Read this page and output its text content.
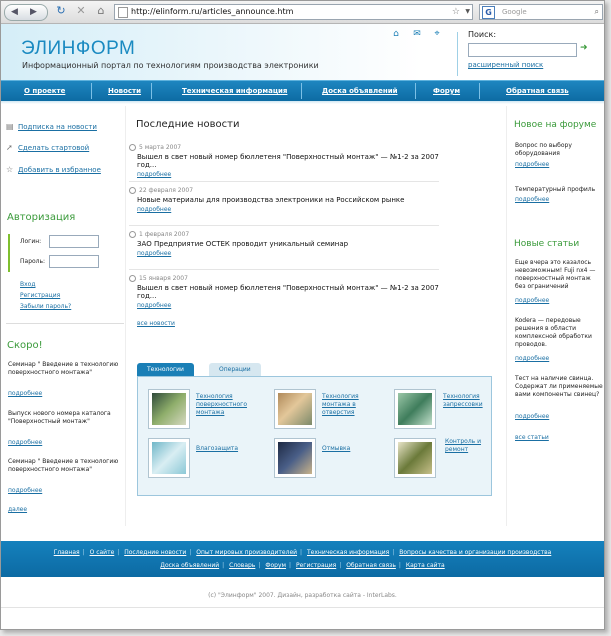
◀ ▶ ↻ ✕	⌂	http://elinform.ru/articles_announce.htm	☆ ▼	G	Google	⌕
ЭЛИНФОРМ
Информационный портал по технологиям производства электроники
⌂ ✉ ⌖	Поиск:
➜
расширенный поиск
О проекте	Новости	Техническая информация	Доска объявлений	Форум	Обратная связь
▤ Подписка на новости
➚ Сделать стартовой
☆ Добавить в избранное
Авторизация
Логин:
Пароль:
Вход
Регистрация
Забыли пароль?
Скоро!
Семинар " Введение в технологию поверхностного монтажа"
подробнее
Выпуск нового номера каталога "Поверхностный монтаж"
подробнее
Семинар " Введение в технологию поверхностного монтажа"
подробнее
далее
Последние новости
5 марта 2007
Вышел в свет новый номер бюллетеня "Поверхностный монтаж" — №1-2 за 2007 год...
подробнее
22 февраля 2007
Новые материалы для производства электроники на Российском рынке
подробнее
1 февраля 2007
ЗАО Предприятие ОСТЕК проводит уникальный семинар
подробнее
15 января 2007
Вышел в свет новый номер бюллетеня "Поверхностный монтаж" — №1-2 за 2007 год...
подробнее
все новости
Технологии	Операции
Технология поверхностного монтажа
Технология монтажа в отверстия
Технология запрессовки
Влагозащита	Отмывка
Контроль и ремонт
Новое на форуме
Вопрос по выбору оборудования
подробнее
Температурный профиль
подробнее
Новые статьи
Еще вчера это казалось невозможным! Fuji nx4 — поверхностный монтаж без ограничений
подробнее
Kodera — передовые решения в области комплексной обработки проводов.
подробнее
Тест на наличие свинца. Содержат ли применяемые вами компоненты свинец?
подробнее
все статьи
Главная | О сайте | Последние новости | Опыт мировых производителей | Техническая информация | Вопросы качества и организации производства
Доска объявлений | Словарь | Форум | Регистрация | Обратная связь | Карта сайта
(c) "Элинформ" 2007. Дизайн, разработка сайта - InterLabs.
